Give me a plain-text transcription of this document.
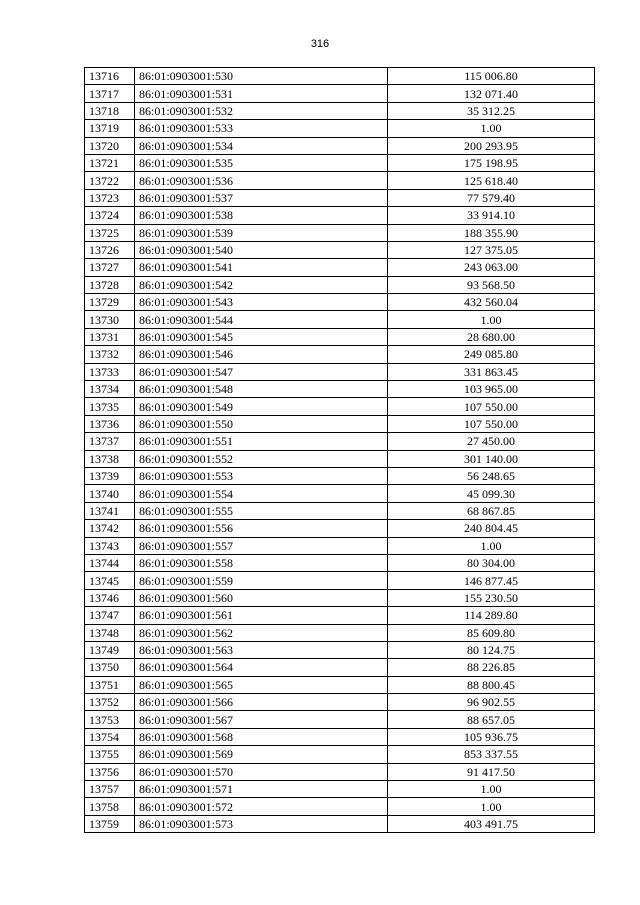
316
13716	86:01:0903001:530	115 006.80
13717	86:01:0903001:531	132 071.40
13718	86:01:0903001:532	35 312.25
13719	86:01:0903001:533	1.00
13720	86:01:0903001:534	200 293.95
13721	86:01:0903001:535	175 198.95
13722	86:01:0903001:536	125 618.40
13723	86:01:0903001:537	77 579.40
13724	86:01:0903001:538	33 914.10
13725	86:01:0903001:539	188 355.90
13726	86:01:0903001:540	127 375.05
13727	86:01:0903001:541	243 063.00
13728	86:01:0903001:542	93 568.50
13729	86:01:0903001:543	432 560.04
13730	86:01:0903001:544	1.00
13731	86:01:0903001:545	28 680.00
13732	86:01:0903001:546	249 085.80
13733	86:01:0903001:547	331 863.45
13734	86:01:0903001:548	103 965.00
13735	86:01:0903001:549	107 550.00
13736	86:01:0903001:550	107 550.00
13737	86:01:0903001:551	27 450.00
13738	86:01:0903001:552	301 140.00
13739	86:01:0903001:553	56 248.65
13740	86:01:0903001:554	45 099.30
13741	86:01:0903001:555	68 867.85
13742	86:01:0903001:556	240 804.45
13743	86:01:0903001:557	1.00
13744	86:01:0903001:558	80 304.00
13745	86:01:0903001:559	146 877.45
13746	86:01:0903001:560	155 230.50
13747	86:01:0903001:561	114 289.80
13748	86:01:0903001:562	85 609.80
13749	86:01:0903001:563	80 124.75
13750	86:01:0903001:564	88 226.85
13751	86:01:0903001:565	88 800.45
13752	86:01:0903001:566	96 902.55
13753	86:01:0903001:567	88 657.05
13754	86:01:0903001:568	105 936.75
13755	86:01:0903001:569	853 337.55
13756	86:01:0903001:570	91 417.50
13757	86:01:0903001:571	1.00
13758	86:01:0903001:572	1.00
13759	86:01:0903001:573	403 491.75
